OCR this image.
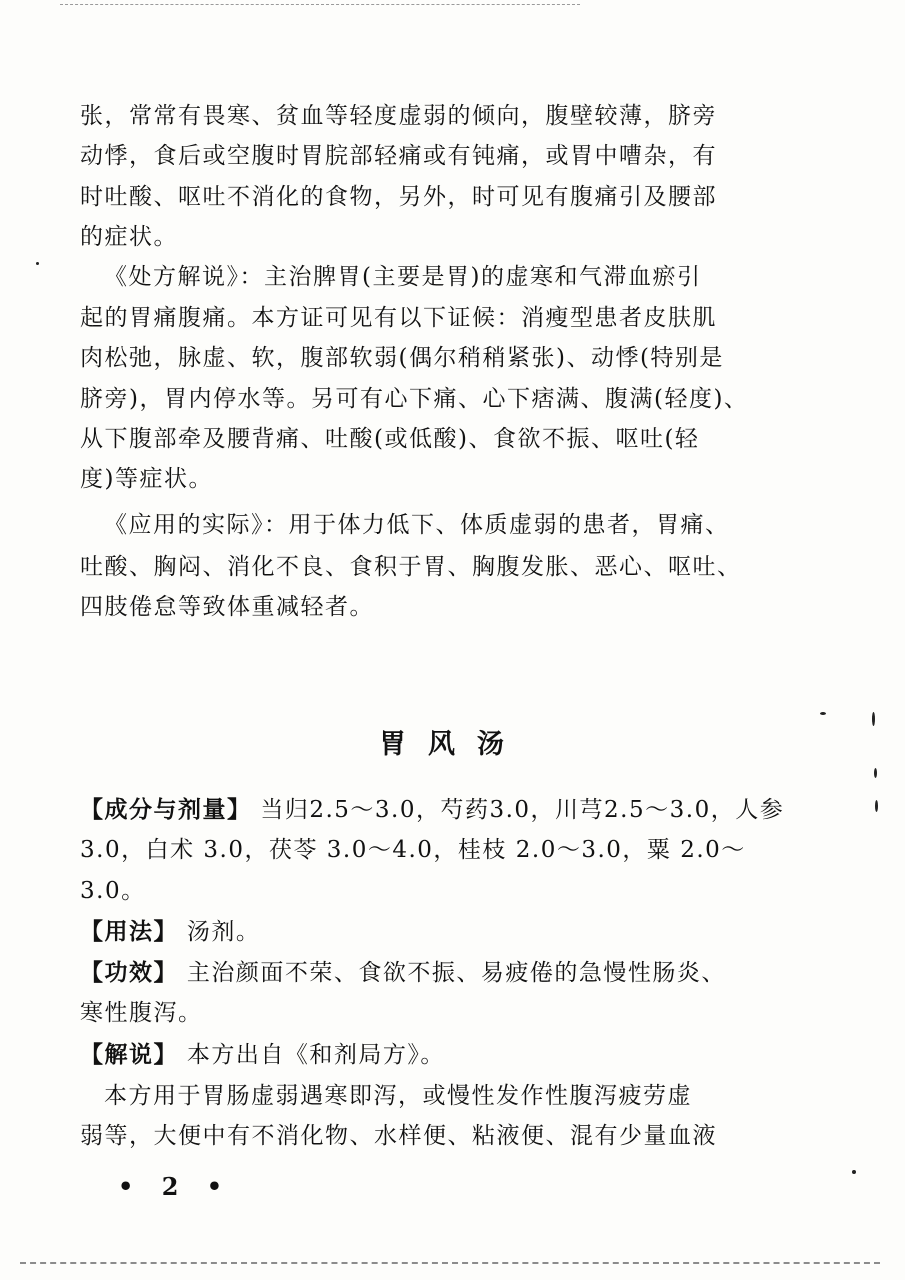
张，常常有畏寒、贫血等轻度虚弱的倾向，腹壁较薄，脐旁
动悸，食后或空腹时胃脘部轻痛或有钝痛，或胃中嘈杂，有
时吐酸、呕吐不消化的食物，另外，时可见有腹痛引及腰部
的症状。
《处方解说》：主治脾胃(主要是胃)的虚寒和气滞血瘀引
起的胃痛腹痛。本方证可见有以下证候：消瘦型患者皮肤肌
肉松弛，脉虚、软，腹部软弱(偶尔稍稍紧张)、动悸(特别是
脐旁)，胃内停水等。另可有心下痛、心下痞满、腹满(轻度)、
从下腹部牵及腰背痛、吐酸(或低酸)、食欲不振、呕吐(轻
度)等症状。
《应用的实际》：用于体力低下、体质虚弱的患者，胃痛、
吐酸、胸闷、消化不良、食积于胃、胸腹发胀、恶心、呕吐、
四肢倦怠等致体重减轻者。
胃风汤
【成分与剂量】 当归2.5～3.0，芍药3.0，川芎2.5～3.0，人参
3.0，白术 3.0，茯苓 3.0～4.0，桂枝 2.0～3.0，粟 2.0～
3.0。
【用法】 汤剂。
【功效】 主治颜面不荣、食欲不振、易疲倦的急慢性肠炎、
寒性腹泻。
【解说】 本方出自《和剂局方》。
本方用于胃肠虚弱遇寒即泻，或慢性发作性腹泻疲劳虚
弱等，大便中有不消化物、水样便、粘液便、混有少量血液
• 2 •
